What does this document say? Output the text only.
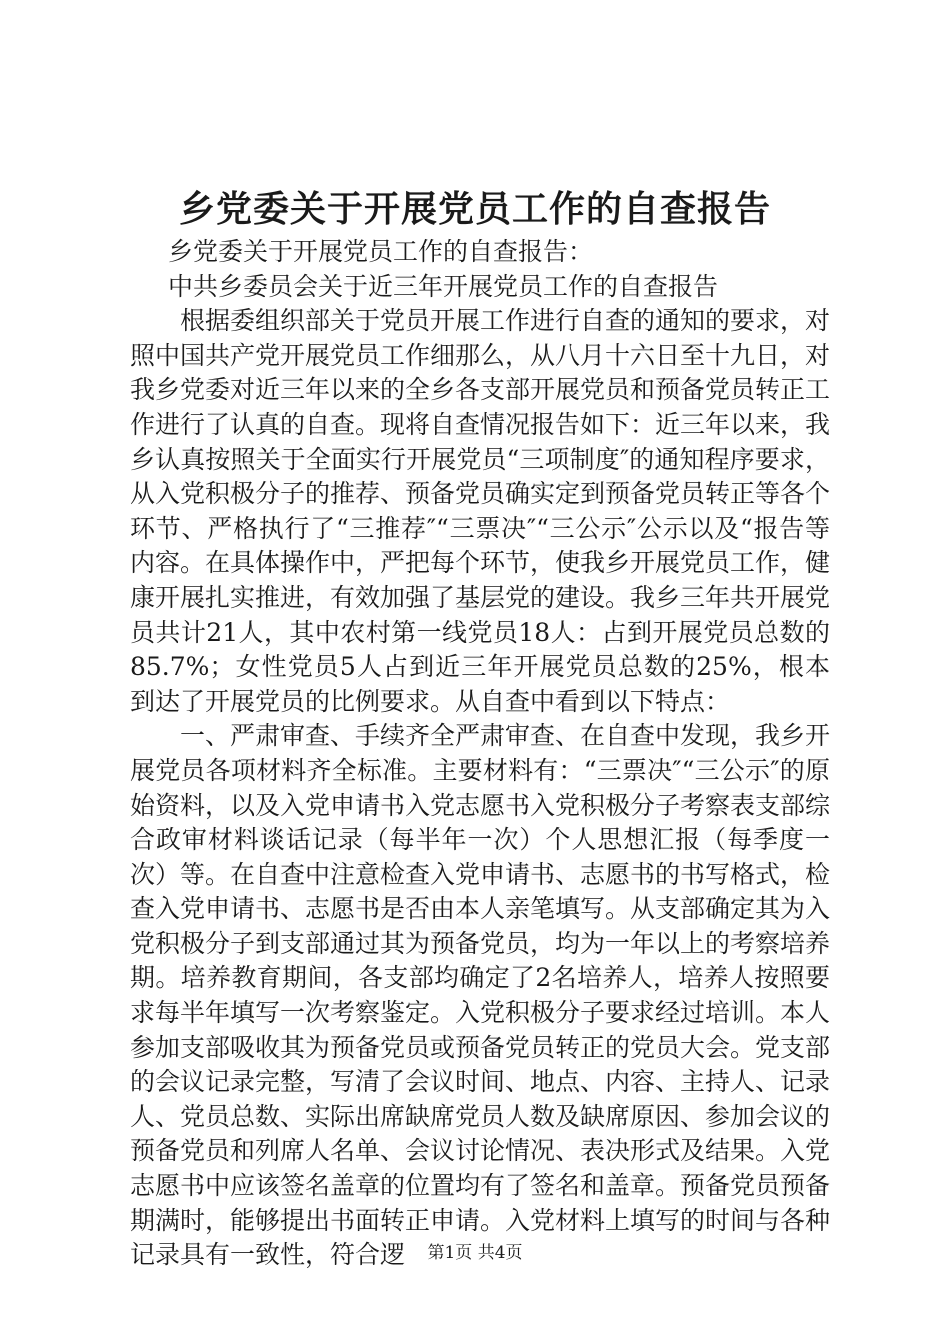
乡党委关于开展党员工作的自查报告

乡党委关于开展党员工作的自查报告：

中共乡委员会关于近三年开展党员工作的自查报告

根据委组织部关于党员开展工作进行自查的通知的要求，对照中国共产党开展党员工作细那么，从八月十六日至十九日，对我乡党委对近三年以来的全乡各支部开展党员和预备党员转正工作进行了认真的自查。现将自查情况报告如下：近三年以来，我乡认真按照关于全面实行开展党员“三项制度″的通知程序要求，从入党积极分子的推荐、预备党员确实定到预备党员转正等各个环节、严格执行了“三推荐″“三票决″“三公示″公示以及“报告等内容。在具体操作中，严把每个环节，使我乡开展党员工作，健康开展扎实推进，有效加强了基层党的建设。我乡三年共开展党员共计21人，其中农村第一线党员18人：占到开展党员总数的85.7%；女性党员5人占到近三年开展党员总数的25%，根本到达了开展党员的比例要求。从自查中看到以下特点：

一、严肃审查、手续齐全严肃审查、在自查中发现，我乡开展党员各项材料齐全标准。主要材料有：“三票决″“三公示″的原始资料，以及入党申请书入党志愿书入党积极分子考察表支部综合政审材料谈话记录（每半年一次）个人思想汇报（每季度一次）等。在自查中注意检查入党申请书、志愿书的书写格式，检查入党申请书、志愿书是否由本人亲笔填写。从支部确定其为入党积极分子到支部通过其为预备党员，均为一年以上的考察培养期。培养教育期间，各支部均确定了2名培养人，培养人按照要求每半年填写一次考察鉴定。入党积极分子要求经过培训。本人参加支部吸收其为预备党员或预备党员转正的党员大会。党支部的会议记录完整，写清了会议时间、地点、内容、主持人、记录人、党员总数、实际出席缺席党员人数及缺席原因、参加会议的预备党员和列席人名单、会议讨论情况、表决形式及结果。入党志愿书中应该签名盖章的位置均有了签名和盖章。预备党员预备期满时，能够提出书面转正申请。入党材料上填写的时间与各种记录具有一致性，符合逻	第1页 共4页
